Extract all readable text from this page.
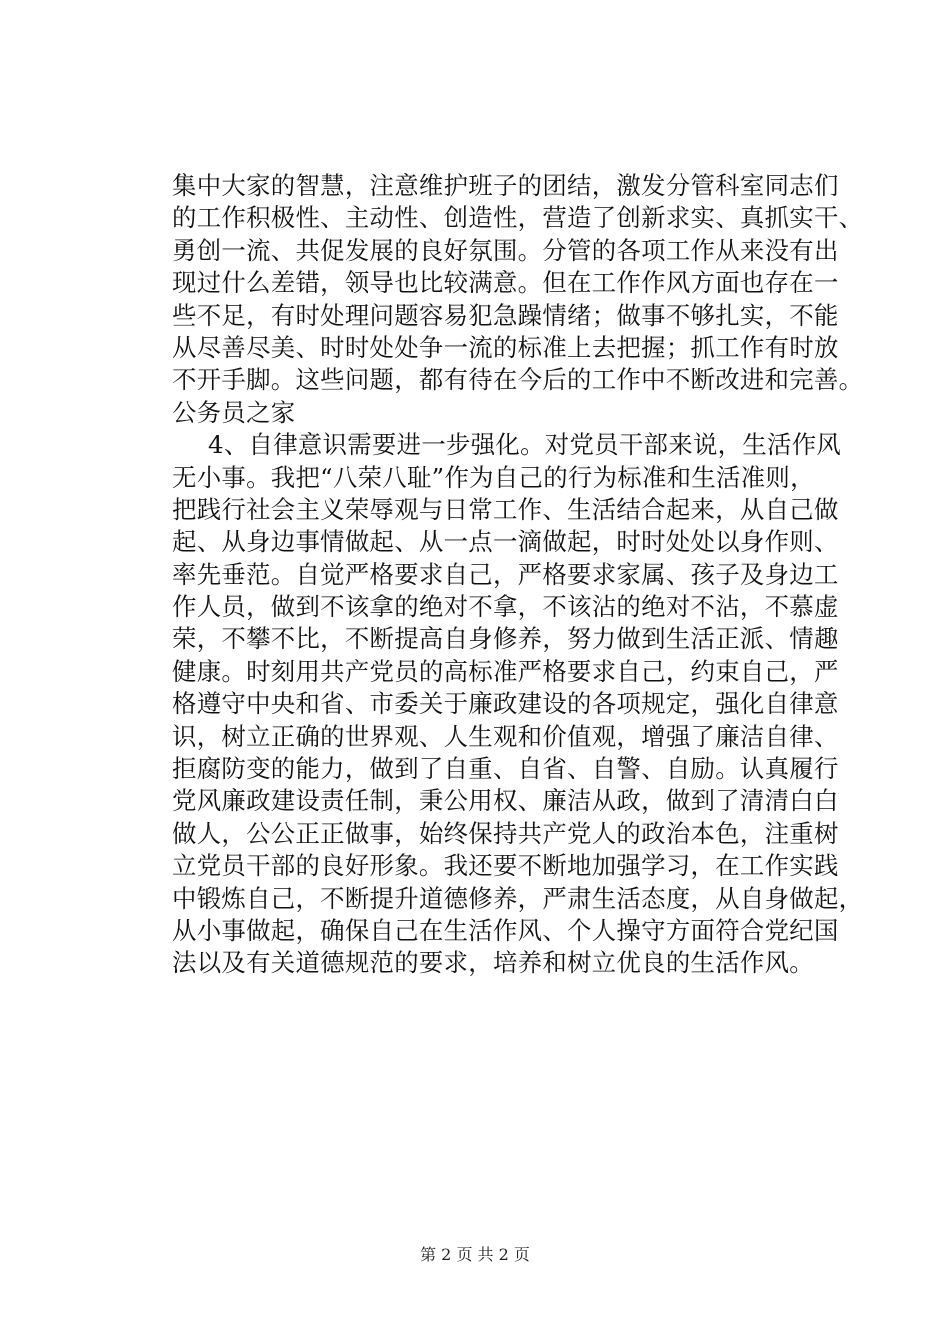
集中大家的智慧，注意维护班子的团结，激发分管科室同志们
的工作积极性、主动性、创造性，营造了创新求实、真抓实干、
勇创一流、共促发展的良好氛围。分管的各项工作从来没有出
现过什么差错，领导也比较满意。但在工作作风方面也存在一
些不足，有时处理问题容易犯急躁情绪；做事不够扎实，不能
从尽善尽美、时时处处争一流的标准上去把握；抓工作有时放
不开手脚。这些问题，都有待在今后的工作中不断改进和完善。
公务员之家
4、自律意识需要进一步强化。对党员干部来说，生活作风
无小事。我把“八荣八耻”作为自己的行为标准和生活准则，
把践行社会主义荣辱观与日常工作、生活结合起来，从自己做
起、从身边事情做起、从一点一滴做起，时时处处以身作则、
率先垂范。自觉严格要求自己，严格要求家属、孩子及身边工
作人员，做到不该拿的绝对不拿，不该沾的绝对不沾，不慕虚
荣，不攀不比，不断提高自身修养，努力做到生活正派、情趣
健康。时刻用共产党员的高标准严格要求自己，约束自己，严
格遵守中央和省、市委关于廉政建设的各项规定，强化自律意
识，树立正确的世界观、人生观和价值观，增强了廉洁自律、
拒腐防变的能力，做到了自重、自省、自警、自励。认真履行
党风廉政建设责任制，秉公用权、廉洁从政，做到了清清白白
做人，公公正正做事，始终保持共产党人的政治本色，注重树
立党员干部的良好形象。我还要不断地加强学习，在工作实践
中锻炼自己，不断提升道德修养，严肃生活态度，从自身做起，
从小事做起，确保自己在生活作风、个人操守方面符合党纪国
法以及有关道德规范的要求，培养和树立优良的生活作风。
第 2 页 共 2 页
